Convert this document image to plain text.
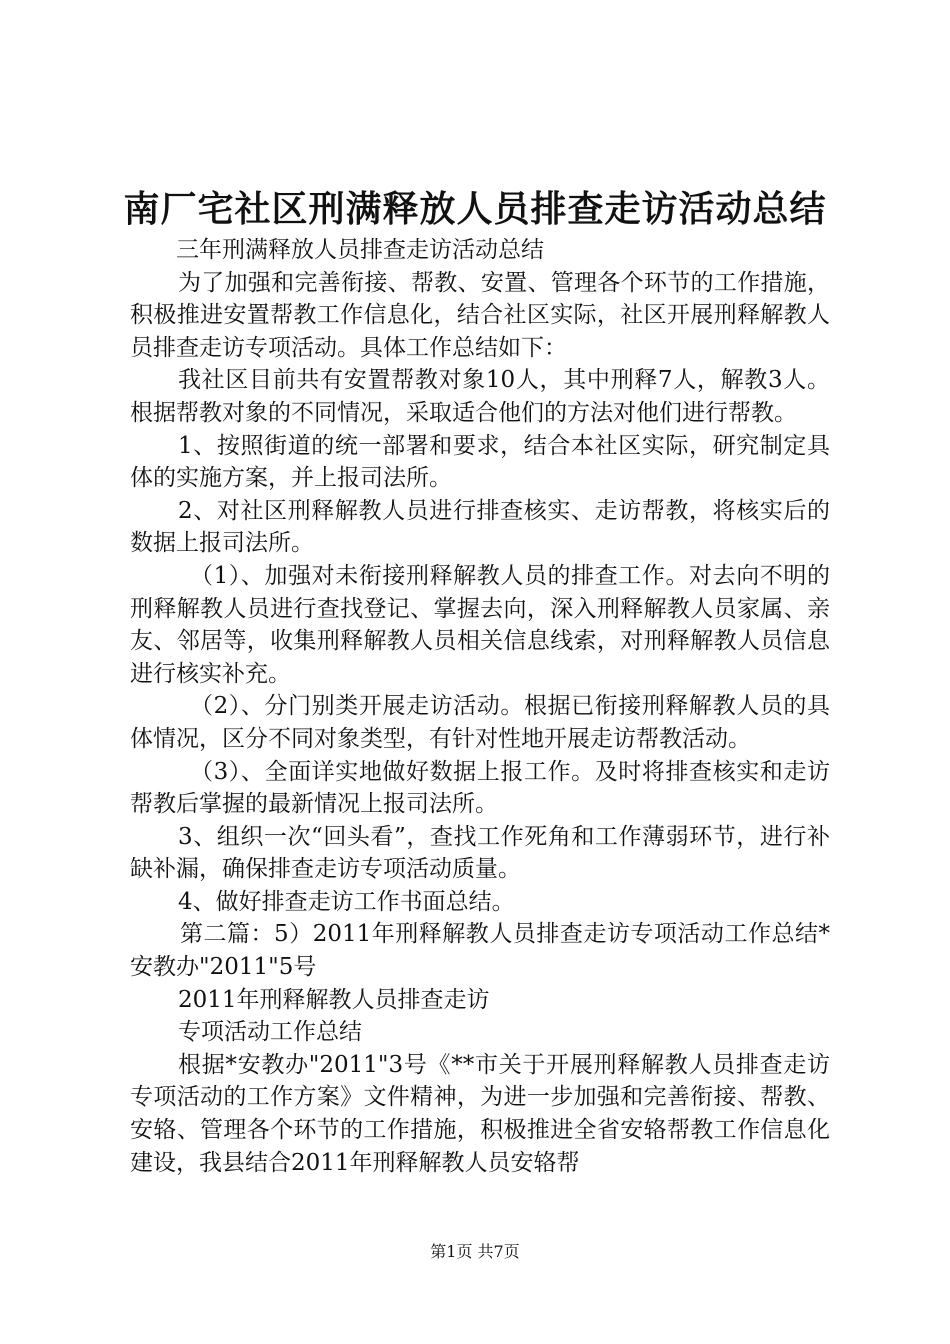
南厂宅社区刑满释放人员排查走访活动总结

三年刑满释放人员排查走访活动总结

为了加强和完善衔接、帮教、安置、管理各个环节的工作措施，积极推进安置帮教工作信息化，结合社区实际，社区开展刑释解教人员排查走访专项活动。具体工作总结如下：

我社区目前共有安置帮教对象10人，其中刑释7人，解教3人。根据帮教对象的不同情况，采取适合他们的方法对他们进行帮教。

1、按照街道的统一部署和要求，结合本社区实际，研究制定具体的实施方案，并上报司法所。

2、对社区刑释解教人员进行排查核实、走访帮教，将核实后的数据上报司法所。

（1）、加强对未衔接刑释解教人员的排查工作。对去向不明的刑释解教人员进行查找登记、掌握去向，深入刑释解教人员家属、亲友、邻居等，收集刑释解教人员相关信息线索，对刑释解教人员信息进行核实补充。

（2）、分门别类开展走访活动。根据已衔接刑释解教人员的具体情况，区分不同对象类型，有针对性地开展走访帮教活动。

（3）、全面详实地做好数据上报工作。及时将排查核实和走访帮教后掌握的最新情况上报司法所。

3、组织一次“回头看”，查找工作死角和工作薄弱环节，进行补缺补漏，确保排查走访专项活动质量。

4、做好排查走访工作书面总结。

第二篇：5）2011年刑释解教人员排查走访专项活动工作总结*安教办"2011"5号

2011年刑释解教人员排查走访

专项活动工作总结

根据*安教办"2011"3号《**市关于开展刑释解教人员排查走访专项活动的工作方案》文件精神，为进一步加强和完善衔接、帮教、安辂、管理各个环节的工作措施，积极推进全省安辂帮教工作信息化建设，我县结合2011年刑释解教人员安辂帮

第1页 共7页
